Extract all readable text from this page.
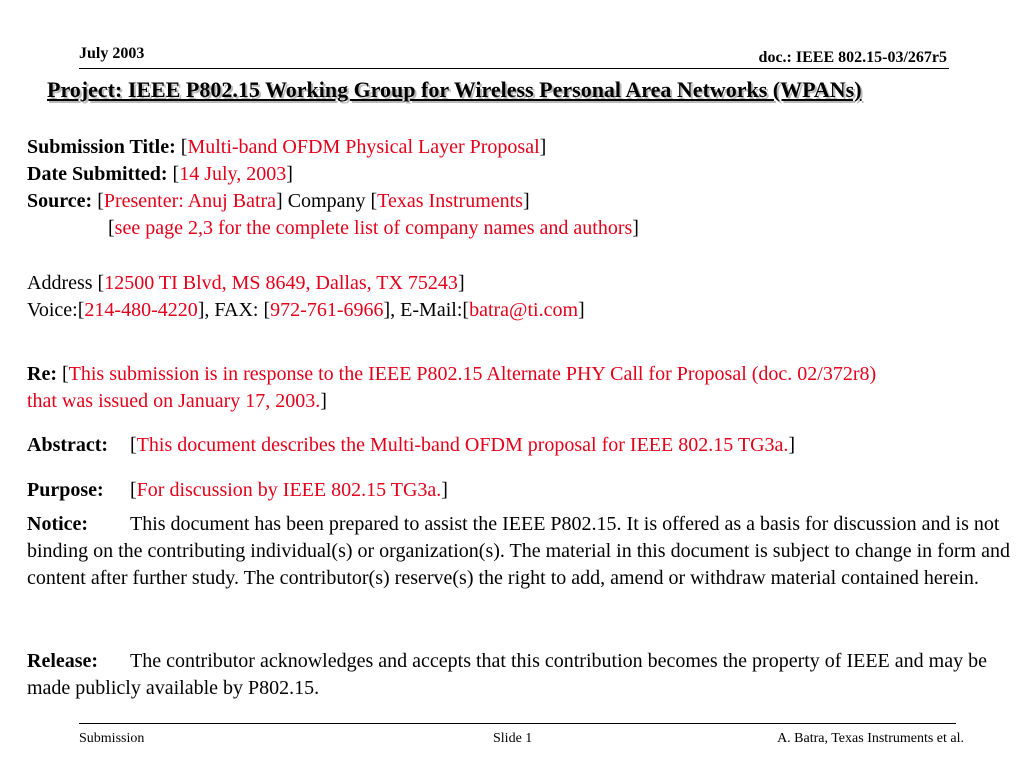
July 2003	doc.: IEEE 802.15-03/267r5
Project: IEEE P802.15 Working Group for Wireless Personal Area Networks (WPANs)
Submission Title: [Multi-band OFDM Physical Layer Proposal]
Date Submitted: [14 July, 2003]
Source: [Presenter: Anuj Batra] Company [Texas Instruments]
[see page 2,3 for the complete list of company names and authors]
Address [12500 TI Blvd, MS 8649, Dallas, TX 75243]
Voice:[214-480-4220], FAX: [972-761-6966], E-Mail:[batra@ti.com]
Re: [This submission is in response to the IEEE P802.15 Alternate PHY Call for Proposal (doc. 02/372r8)
that was issued on January 17, 2003.]
Abstract: [This document describes the Multi-band OFDM proposal for IEEE 802.15 TG3a.]
Purpose: [For discussion by IEEE 802.15 TG3a.]
Notice: This document has been prepared to assist the IEEE P802.15. It is offered as a basis for discussion and is not binding on the contributing individual(s) or organization(s). The material in this document is subject to change in form and content after further study. The contributor(s) reserve(s) the right to add, amend or withdraw material contained herein.
Release: The contributor acknowledges and accepts that this contribution becomes the property of IEEE and may be made publicly available by P802.15.
Submission	Slide 1	A. Batra, Texas Instruments et al.
